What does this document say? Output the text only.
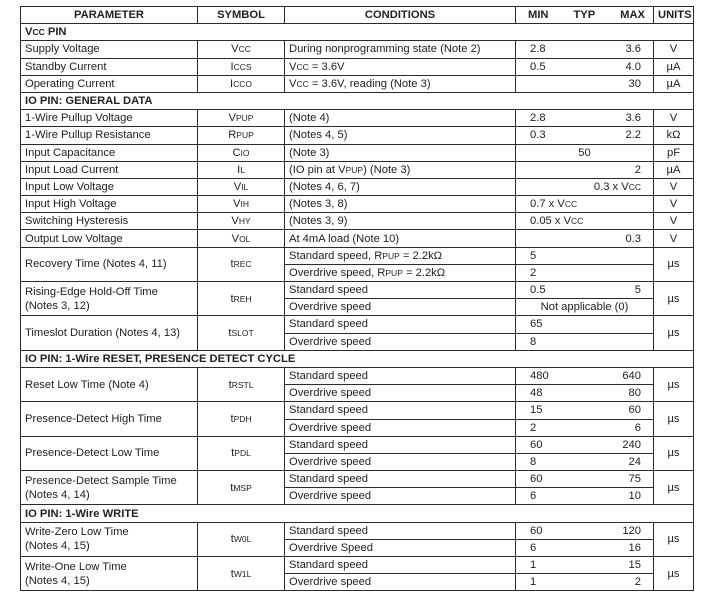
PARAMETER	SYMBOL	CONDITIONS	MIN TYP MAX		UNITS
VCC PIN					
Supply Voltage	VCC	During nonprogramming state (Note 2)	2.8	3.6	V
Standby Current	ICCS	VCC = 3.6V	0.5	4.0	µA
Operating Current	ICCO	VCC = 3.6V, reading (Note 3)		30	µA
IO PIN: GENERAL DATA					
1-Wire Pullup Voltage	VPUP	(Note 4)	2.8	3.6	V
1-Wire Pullup Resistance	RPUP	(Notes 4, 5)	0.3	2.2	kΩ
Input Capacitance	CIO	(Note 3)	50		pF
Input Load Current	IL	(IO pin at VPUP) (Note 3)		2	µA
Input Low Voltage	VIL	(Notes 4, 6, 7)		0.3 x VCC	V
Input High Voltage	VIH	(Notes 3, 8)	0.7 x VCC		V
Switching Hysteresis	VHY	(Notes 3, 9)	0.05 x VCC		V
Output Low Voltage	VOL	At 4mA load (Note 10)		0.3	V
Recovery Time (Notes 4, 11)	tREC	Standard speed, RPUP = 2.2kΩ	5		µs
		Overdrive speed, RPUP = 2.2kΩ	2		
Rising-Edge Hold-Off Time
(Notes 3, 12)	tREH	Standard speed	0.5	5	µs
		Overdrive speed	Not applicable (0)		
Timeslot Duration (Notes 4, 13)	tSLOT	Standard speed	65		µs
		Overdrive speed	8		
IO PIN: 1-Wire RESET, PRESENCE DETECT CYCLE					
Reset Low Time (Note 4)	tRSTL	Standard speed	480	640	µs
		Overdrive speed	48	80	
Presence-Detect High Time	tPDH	Standard speed	15	60	µs
		Overdrive speed	2	6	
Presence-Detect Low Time	tPDL	Standard speed	60	240	µs
		Overdrive speed	8	24	
Presence-Detect Sample Time
(Notes 4, 14)	tMSP	Standard speed	60	75	µs
		Overdrive speed	6	10	
IO PIN: 1-Wire WRITE					
Write-Zero Low Time
(Notes 4, 15)	tW0L	Standard speed	60	120	µs
		Overdrive Speed	6	16	
Write-One Low Time
(Notes 4, 15)	tW1L	Standard speed	1	15	µs
		Overdrive speed	1	2	
